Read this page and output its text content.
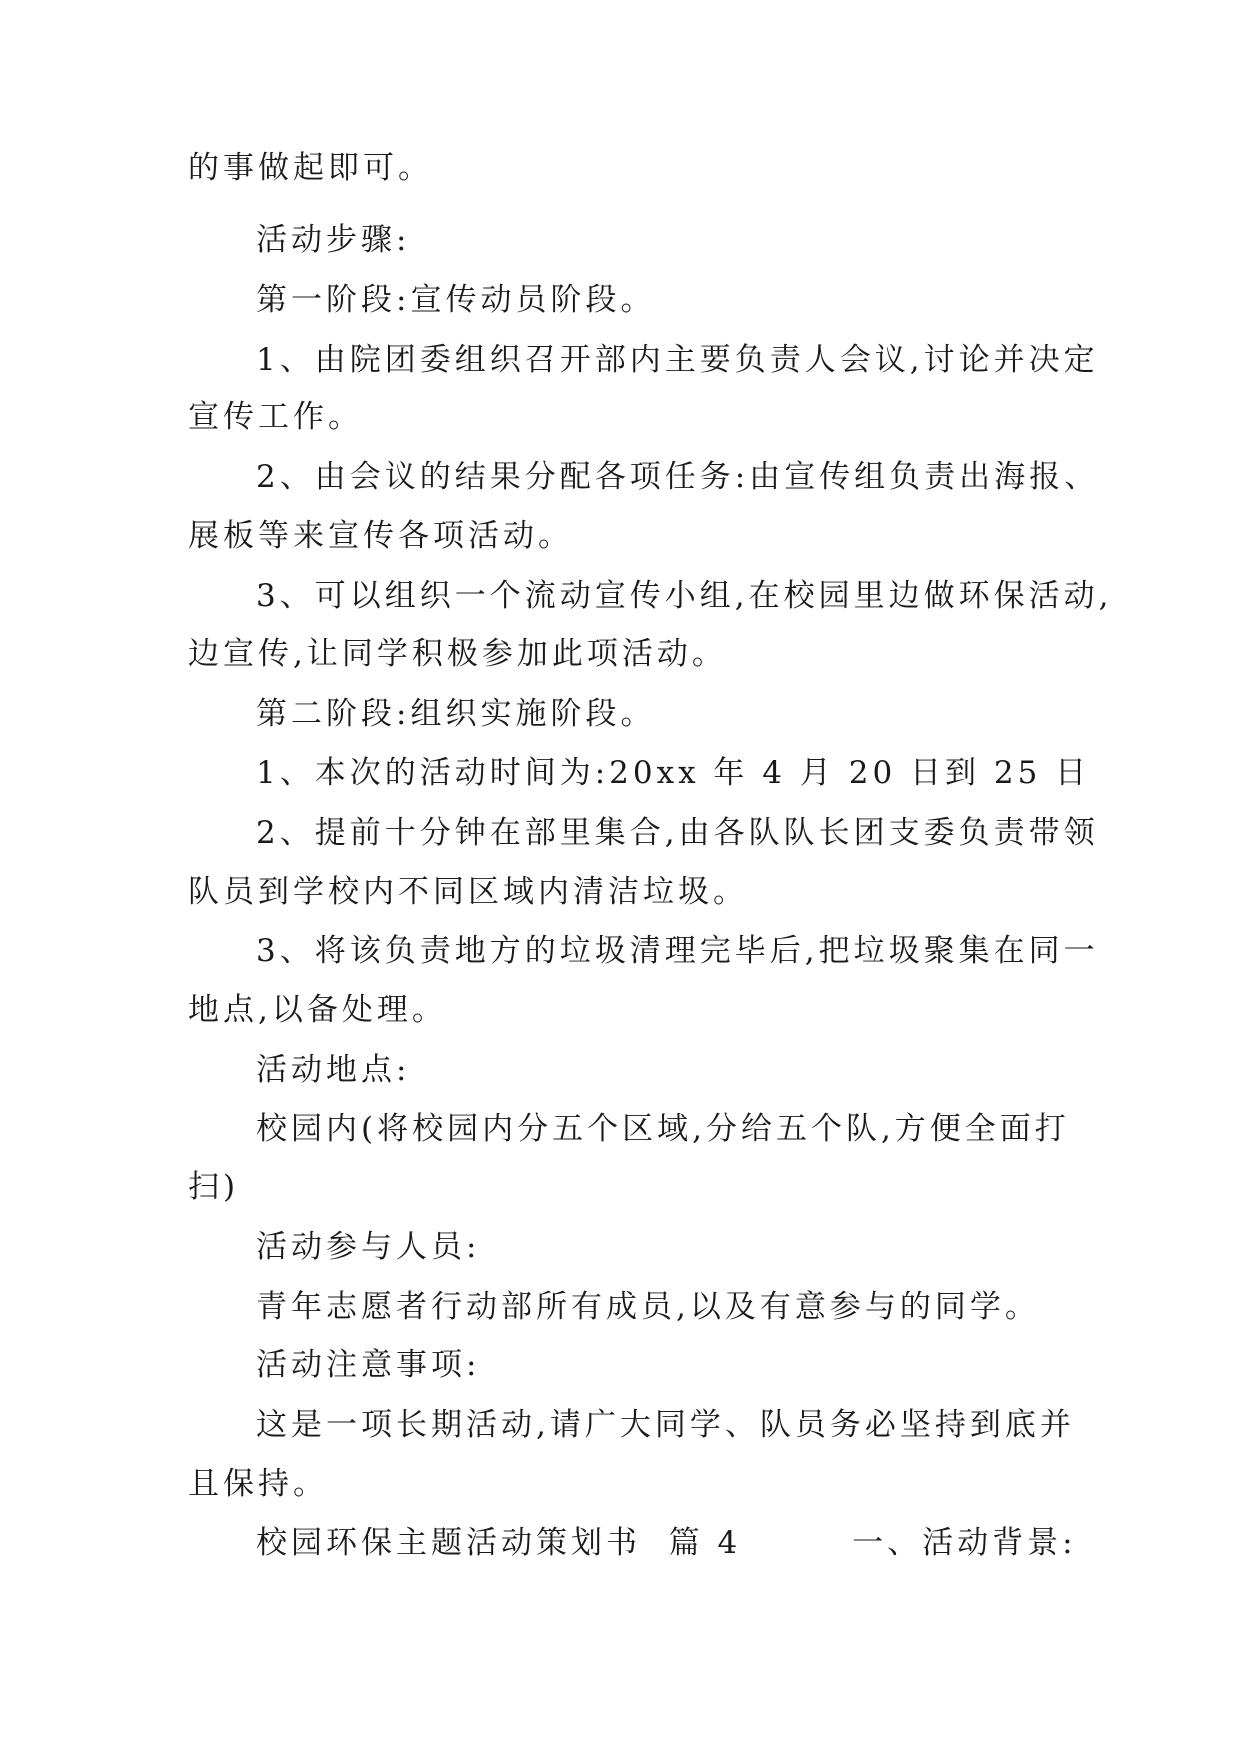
的事做起即可。
活动步骤:
第一阶段:宣传动员阶段。
1、由院团委组织召开部内主要负责人会议,讨论并决定
宣传工作。
2、由会议的结果分配各项任务:由宣传组负责出海报、
展板等来宣传各项活动。
3、可以组织一个流动宣传小组,在校园里边做环保活动,
边宣传,让同学积极参加此项活动。
第二阶段:组织实施阶段。
1、本次的活动时间为:20xx 年 4 月 20 日到 25 日
2、提前十分钟在部里集合,由各队队长团支委负责带领
队员到学校内不同区域内清洁垃圾。
3、将该负责地方的垃圾清理完毕后,把垃圾聚集在同一
地点,以备处理。
活动地点:
校园内(将校园内分五个区域,分给五个队,方便全面打
扫)
活动参与人员:
青年志愿者行动部所有成员,以及有意参与的同学。
活动注意事项:
这是一项长期活动,请广大同学、队员务必坚持到底并
且保持。
校园环保主题活动策划书  篇 4        一、活动背景:
